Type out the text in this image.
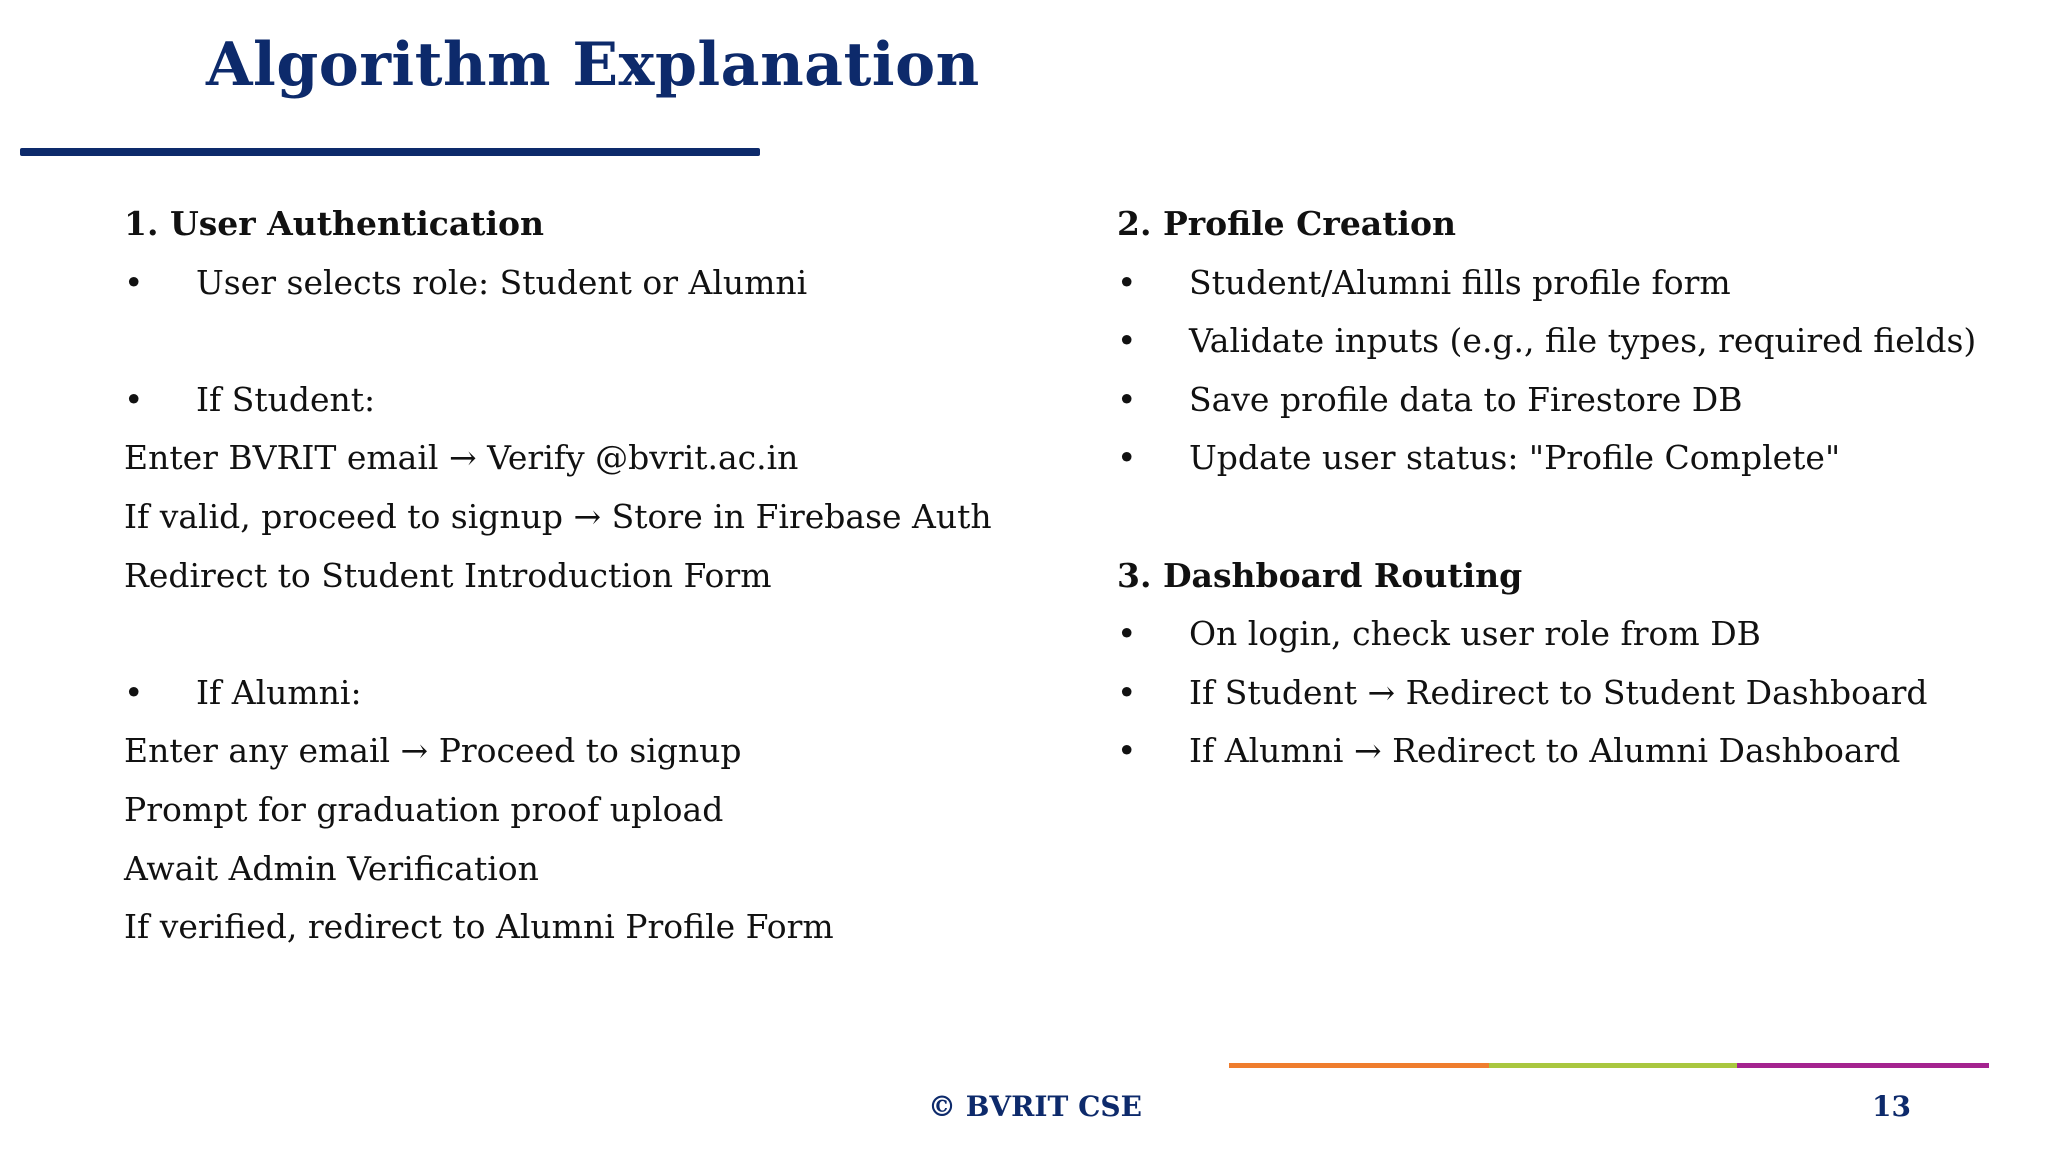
Algorithm Explanation
1. User Authentication
•	User selects role: Student or Alumni
•	If Student:
Enter BVRIT email → Verify @bvrit.ac.in
If valid, proceed to signup → Store in Firebase Auth
Redirect to Student Introduction Form
•	If Alumni:
Enter any email → Proceed to signup
Prompt for graduation proof upload
Await Admin Verification
If verified, redirect to Alumni Profile Form
2. Profile Creation
•	Student/Alumni fills profile form
•	Validate inputs (e.g., file types, required fields)
•	Save profile data to Firestore DB
•	Update user status: "Profile Complete"
3. Dashboard Routing
•	On login, check user role from DB
•	If Student → Redirect to Student Dashboard
•	If Alumni → Redirect to Alumni Dashboard
© BVRIT CSE	13
